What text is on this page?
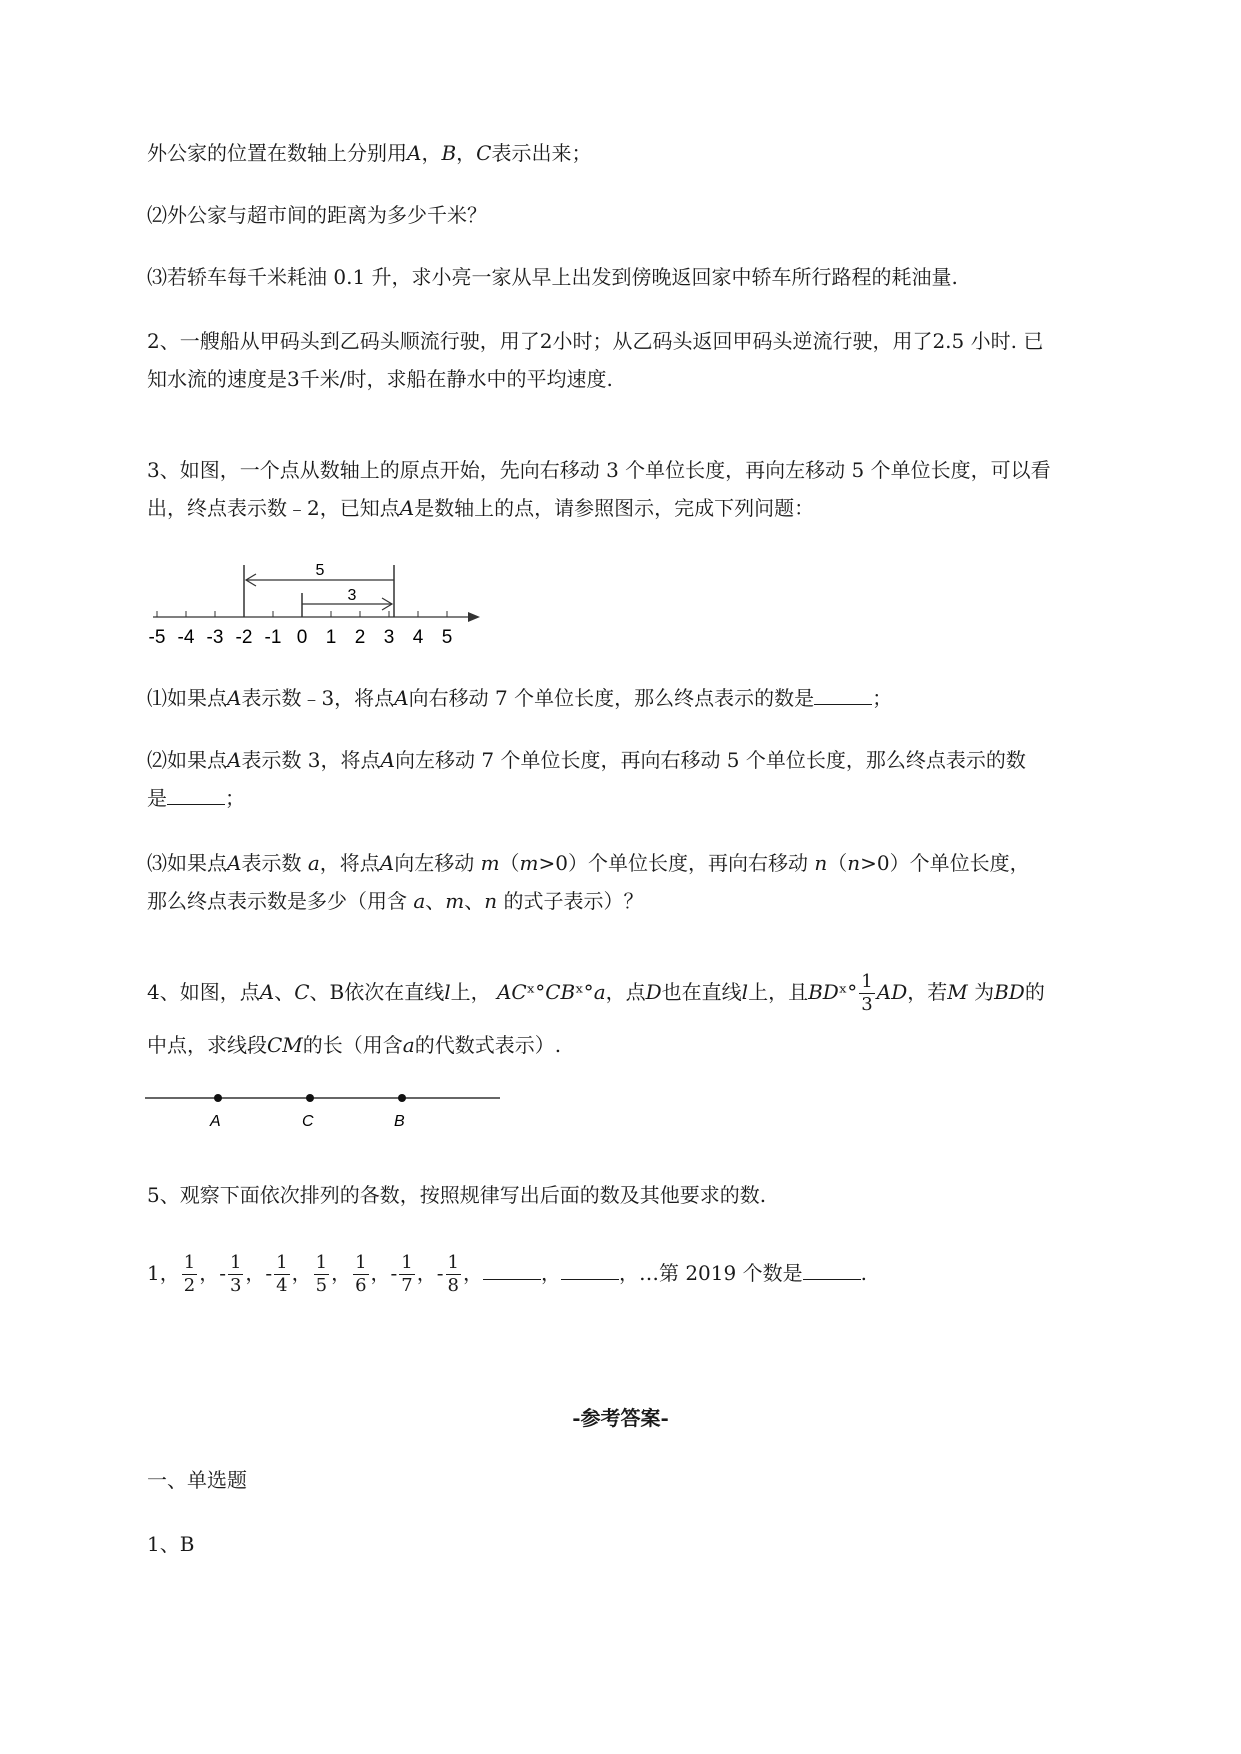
外公家的位置在数轴上分别用A，B，C表示出来；
⑵外公家与超市间的距离为多少千米？
⑶若轿车每千米耗油 0.1 升，求小亮一家从早上出发到傍晚返回家中轿车所行路程的耗油量.
2、一艘船从甲码头到乙码头顺流行驶，用了2小时；从乙码头返回甲码头逆流行驶，用了2.5 小时. 已
知水流的速度是3千米/时，求船在静水中的平均速度.
3、如图，一个点从数轴上的原点开始，先向右移动 3 个单位长度，再向左移动 5 个单位长度，可以看
出，终点表示数﹣2，已知点A是数轴上的点，请参照图示，完成下列问题：
-5 -4 -3 -2 -1 0 1 2 3 4 5
5
3
⑴如果点A表示数﹣3，将点A向右移动 7 个单位长度，那么终点表示的数是	；
⑵如果点A表示数 3，将点A向左移动 7 个单位长度，再向右移动 5 个单位长度，那么终点表示的数
是	；
⑶如果点A表示数 a，将点A向左移动 m（m>0）个单位长度，再向右移动 n（n>0）个单位长度，
那么终点表示数是多少（用含 a、m、n 的式子表示）？
4、如图，点A、C、B依次在直线l上， ACˣ°CBˣ°a，点D也在直线l上，且BDˣ° $\frac{1}{3}$ AD，若M 为BD的
中点，求线段CM的长（用含a的代数式表示）.
A	C	B
5、观察下面依次排列的各数，按照规律写出后面的数及其他要求的数.
1， $\frac{1}{2}$ ，- $\frac{1}{3}$ ，- $\frac{1}{4}$ ， $\frac{1}{5}$ ， $\frac{1}{6}$ ，- $\frac{1}{7}$ ，- $\frac{1}{8}$ ，	，	，…第 2019 个数是	.
-参考答案-
一、单选题
1、B
